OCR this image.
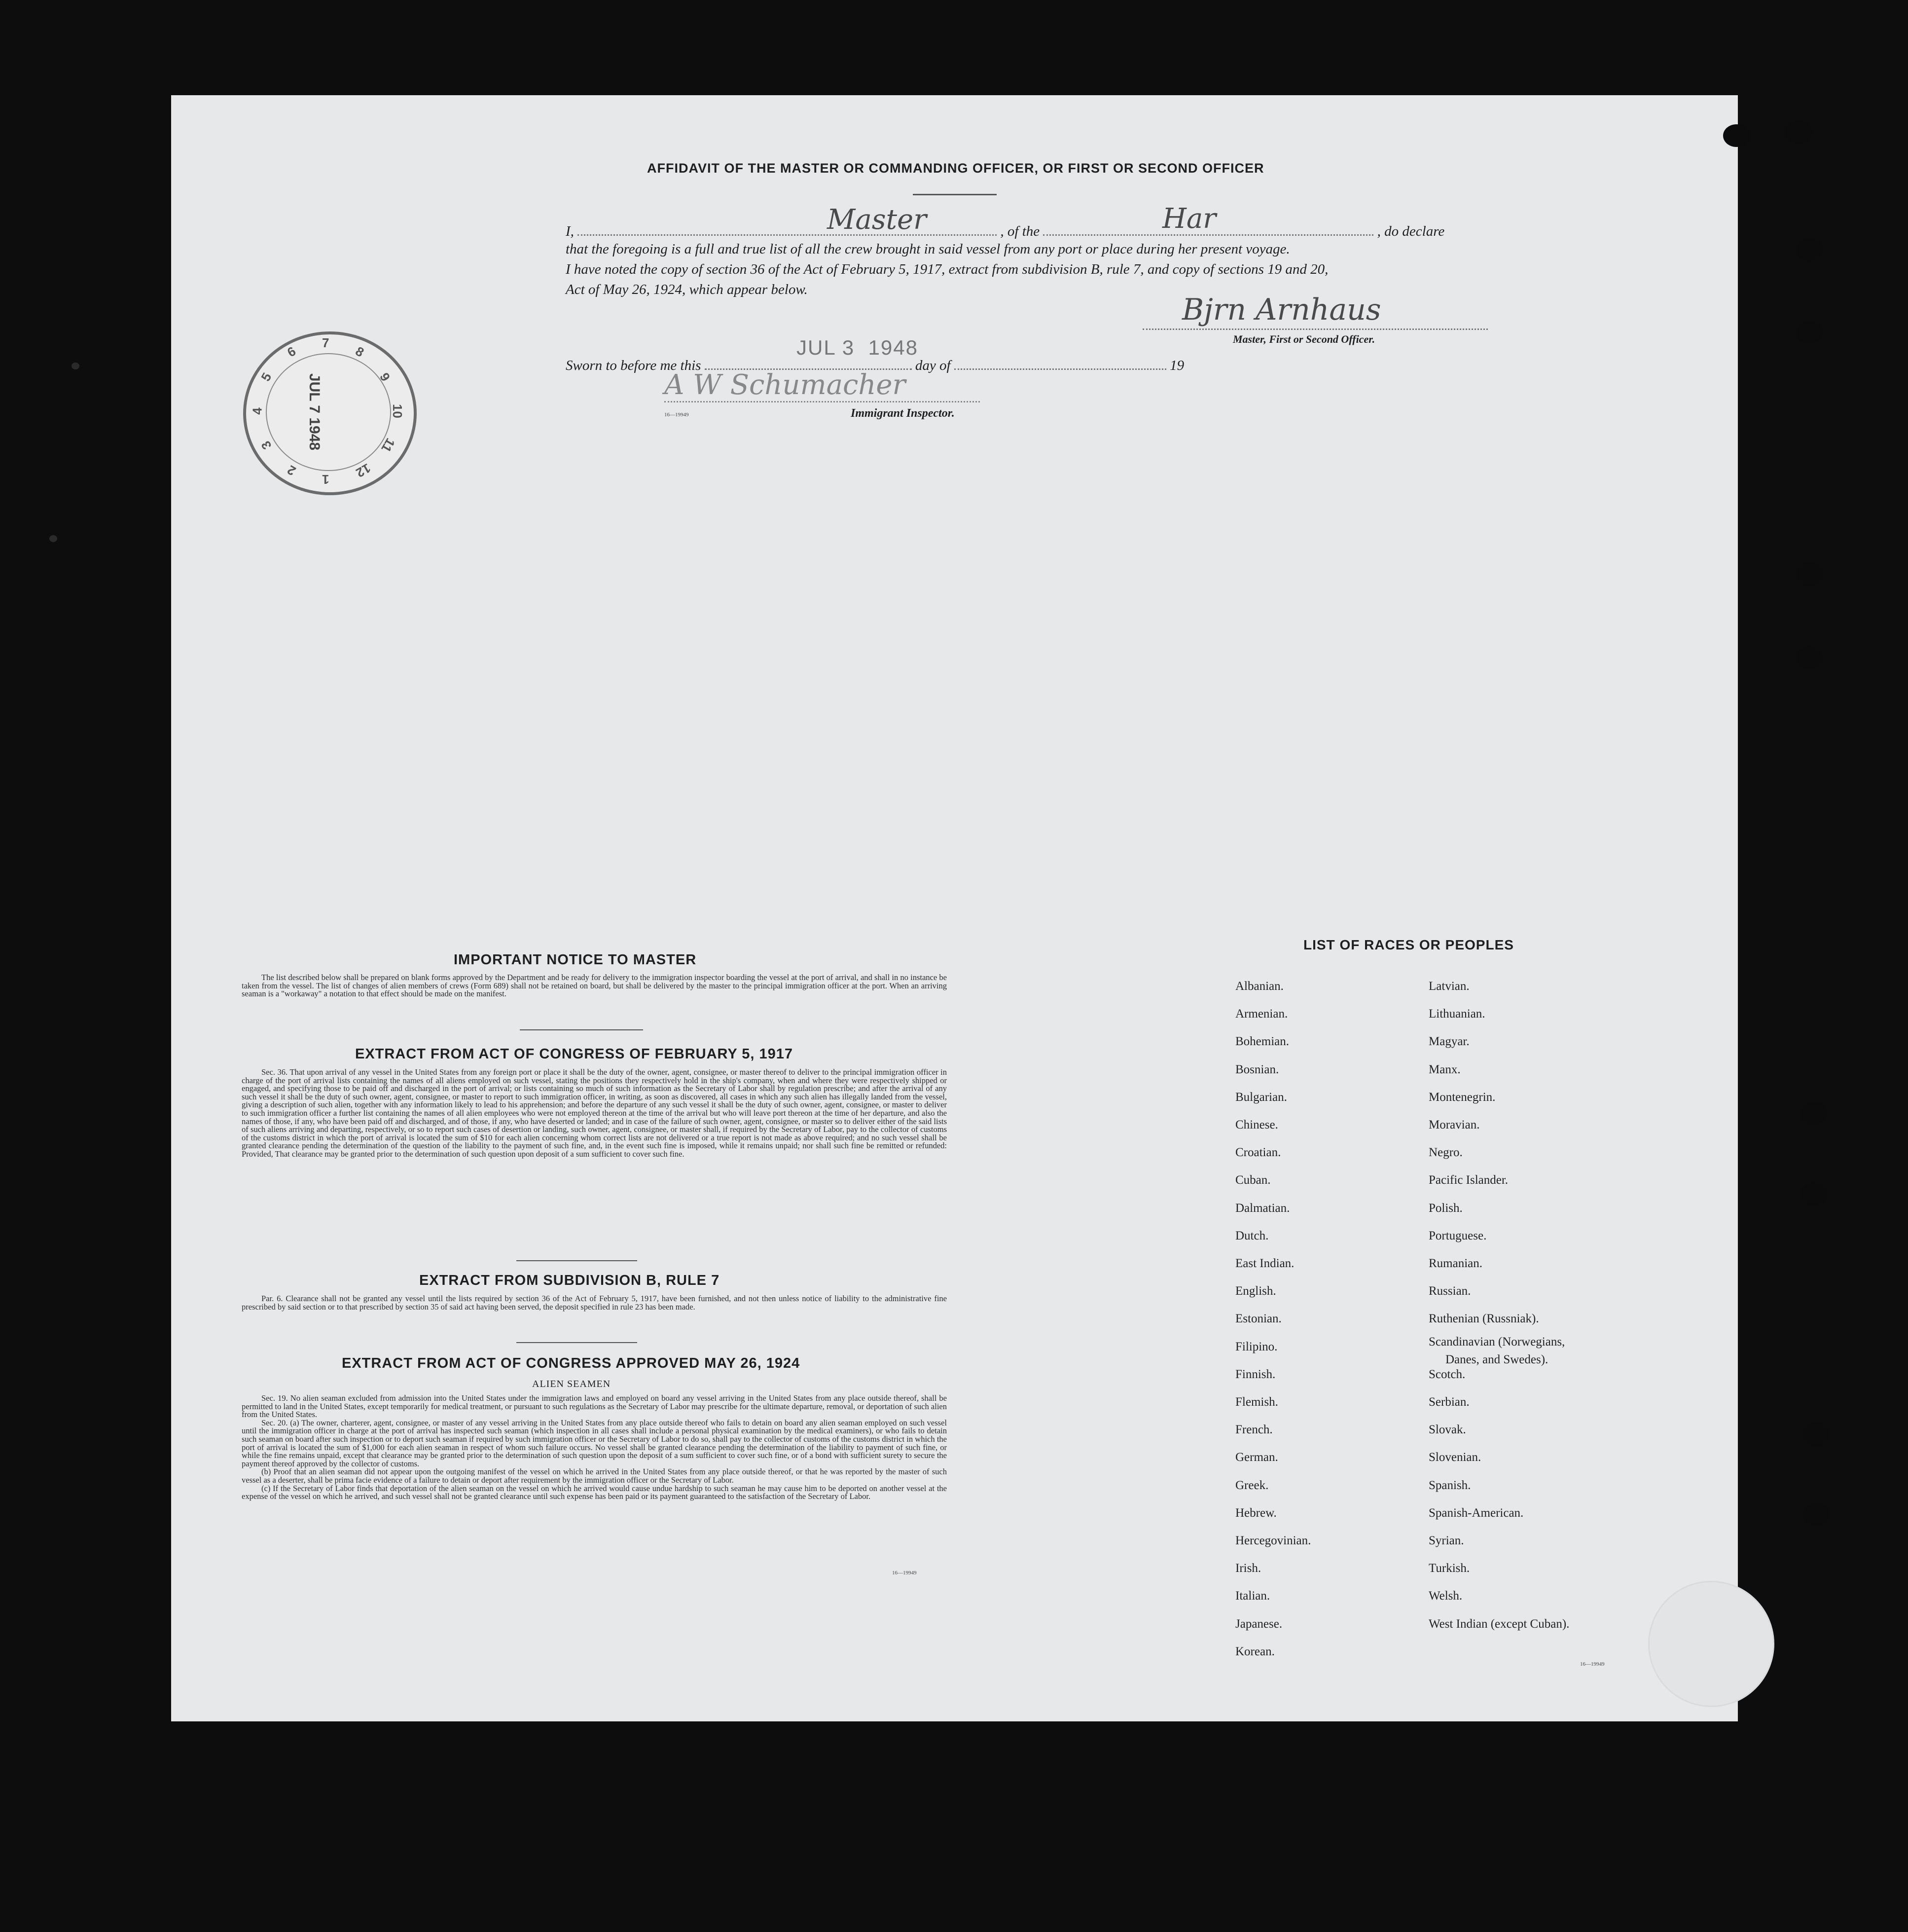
AFFIDAVIT OF THE MASTER OR COMMANDING OFFICER, OR FIRST OR SECOND OFFICER
I,	, of the	, do declare
Master	Har
that the foregoing is a full and true list of all the crew brought in said vessel from any port or place during her present voyage.
I have noted the copy of section 36 of the Act of February 5, 1917, extract from subdivision B, rule 7, and copy of sections 19 and 20,
Act of May 26, 1924, which appear below.
Bjrn Arnhaus
Master, First or Second Officer.
Sworn to before me this	day of	19
JUL 3  1948
A W Schumacher
16—19949	Immigrant Inspector.
IMPORTANT NOTICE TO MASTER

The list described below shall be prepared on blank forms approved by the Department and be ready for delivery to the immigration inspector boarding the vessel at the port of arrival, and shall in no instance be taken from the vessel. The list of changes of alien members of crews (Form 689) shall not be retained on board, but shall be delivered by the master to the principal immigration officer at the port. When an arriving seaman is a "workaway" a notation to that effect should be made on the manifest.

EXTRACT FROM ACT OF CONGRESS OF FEBRUARY 5, 1917

Sec. 36. That upon arrival of any vessel in the United States from any foreign port or place it shall be the duty of the owner, agent, consignee, or master thereof to deliver to the principal immigration officer in charge of the port of arrival lists containing the names of all aliens employed on such vessel, stating the positions they respectively hold in the ship's company, when and where they were respectively shipped or engaged, and specifying those to be paid off and discharged in the port of arrival; or lists containing so much of such information as the Secretary of Labor shall by regulation prescribe; and after the arrival of any such vessel it shall be the duty of such owner, agent, consignee, or master to report to such immigration officer, in writing, as soon as discovered, all cases in which any such alien has illegally landed from the vessel, giving a description of such alien, together with any information likely to lead to his apprehension; and before the departure of any such vessel it shall be the duty of such owner, agent, consignee, or master to deliver to such immigration officer a further list containing the names of all alien employees who were not employed thereon at the time of the arrival but who will leave port thereon at the time of her departure, and also the names of those, if any, who have been paid off and discharged, and of those, if any, who have deserted or landed; and in case of the failure of such owner, agent, consignee, or master so to deliver either of the said lists of such aliens arriving and departing, respectively, or so to report such cases of desertion or landing, such owner, agent, consignee, or master shall, if required by the Secretary of Labor, pay to the collector of customs of the customs district in which the port of arrival is located the sum of $10 for each alien concerning whom correct lists are not delivered or a true report is not made as above required; and no such vessel shall be granted clearance pending the determination of the question of the liability to the payment of such fine, and, in the event such fine is imposed, while it remains unpaid; nor shall such fine be remitted or refunded: Provided, That clearance may be granted prior to the determination of such question upon deposit of a sum sufficient to cover such fine.

EXTRACT FROM SUBDIVISION B, RULE 7

Par. 6. Clearance shall not be granted any vessel until the lists required by section 36 of the Act of February 5, 1917, have been furnished, and not then unless notice of liability to the administrative fine prescribed by said section or to that prescribed by section 35 of said act having been served, the deposit specified in rule 23 has been made.

EXTRACT FROM ACT OF CONGRESS APPROVED MAY 26, 1924
ALIEN SEAMEN

Sec. 19. No alien seaman excluded from admission into the United States under the immigration laws and employed on board any vessel arriving in the United States from any place outside thereof, shall be permitted to land in the United States, except temporarily for medical treatment, or pursuant to such regulations as the Secretary of Labor may prescribe for the ultimate departure, removal, or deportation of such alien from the United States.

Sec. 20. (a) The owner, charterer, agent, consignee, or master of any vessel arriving in the United States from any place outside thereof who fails to detain on board any alien seaman employed on such vessel until the immigration officer in charge at the port of arrival has inspected such seaman (which inspection in all cases shall include a personal physical examination by the medical examiners), or who fails to detain such seaman on board after such inspection or to deport such seaman if required by such immigration officer or the Secretary of Labor to do so, shall pay to the collector of customs of the customs district in which the port of arrival is located the sum of $1,000 for each alien seaman in respect of whom such failure occurs. No vessel shall be granted clearance pending the determination of the liability to payment of such fine, or while the fine remains unpaid, except that clearance may be granted prior to the determination of such question upon the deposit of a sum sufficient to cover such fine, or of a bond with sufficient surety to secure the payment thereof approved by the collector of customs.

(b) Proof that an alien seaman did not appear upon the outgoing manifest of the vessel on which he arrived in the United States from any place outside thereof, or that he was reported by the master of such vessel as a deserter, shall be prima facie evidence of a failure to detain or deport after requirement by the immigration officer or the Secretary of Labor.

(c) If the Secretary of Labor finds that deportation of the alien seaman on the vessel on which he arrived would cause undue hardship to such seaman he may cause him to be deported on another vessel at the expense of the vessel on which he arrived, and such vessel shall not be granted clearance until such expense has been paid or its payment guaranteed to the satisfaction of the Secretary of Labor.

16—19949
LIST OF RACES OR PEOPLES
16—19949
Albanian.
Armenian.
Bohemian.
Bosnian.
Bulgarian.
Chinese.
Croatian.
Cuban.
Dalmatian.
Dutch.
East Indian.
English.
Estonian.
Filipino.
Finnish.
Flemish.
French.
German.
Greek.
Hebrew.
Hercegovinian.
Irish.
Italian.
Japanese.
Korean.
Latvian.
Lithuanian.
Magyar.
Manx.
Montenegrin.
Moravian.
Negro.
Pacific Islander.
Polish.
Portuguese.
Rumanian.
Russian.
Ruthenian (Russniak).
Scandinavian (Norwegians,
Danes, and Swedes).
Scotch.
Serbian.
Slovak.
Slovenian.
Spanish.
Spanish-American.
Syrian.
Turkish.
Welsh.
West Indian (except Cuban).
6
7
8
9
10
11
12
1
2
3
4
5 JUL 7 1948
